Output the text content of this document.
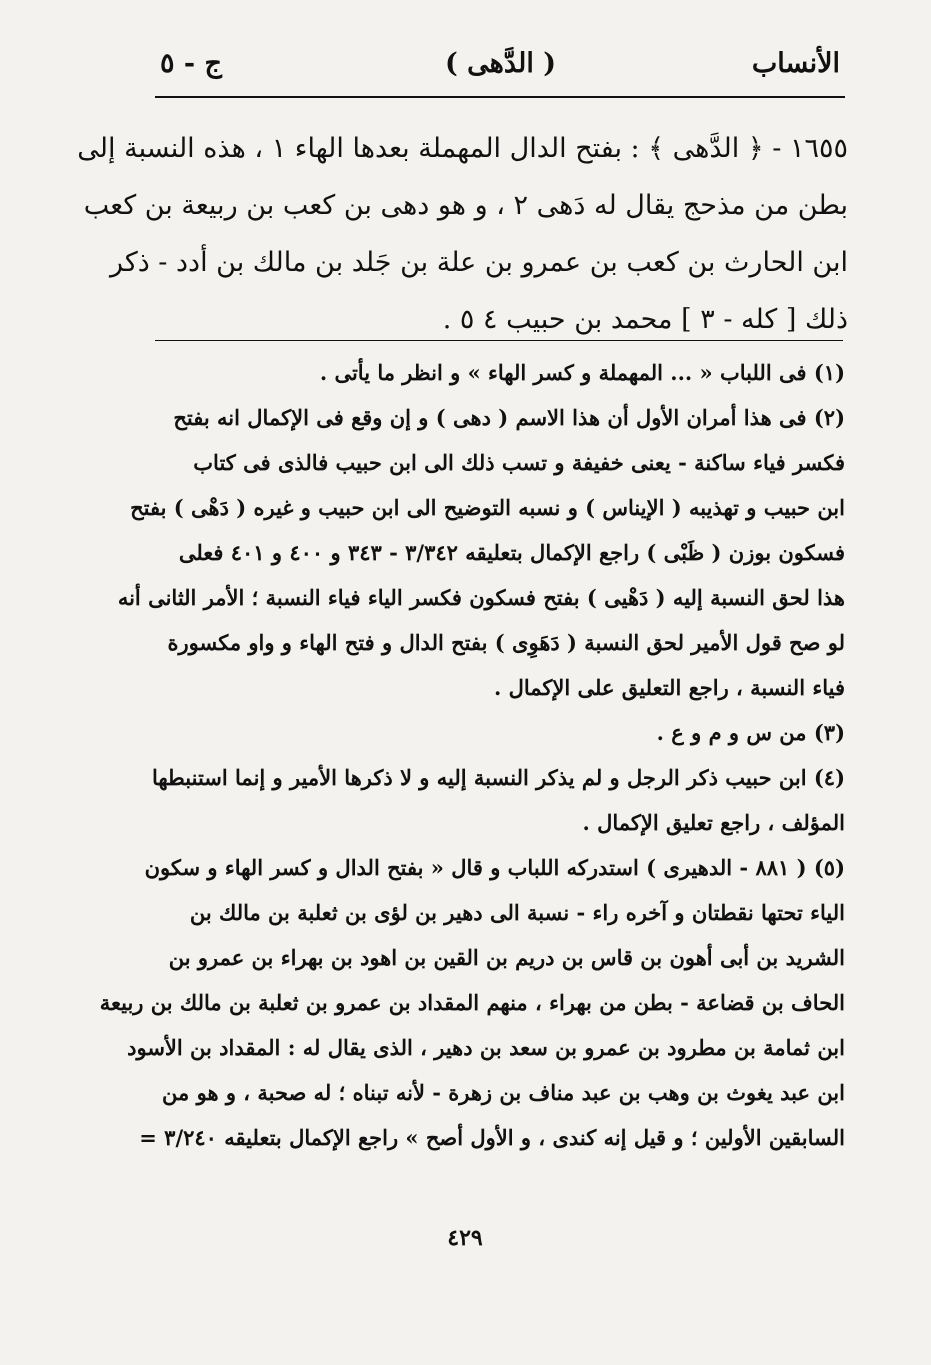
الأنساب
( الدَّهى )
ج - ٥
١٦٥٥ - ﴿ الدَّهى ﴾ : بفتح الدال المهملة بعدها الهاء ١ ، هذه النسبة إلى
بطن من مذحج يقال له دَهى ٢ ، و هو دهى بن كعب بن ربيعة بن كعب
ابن الحارث بن كعب بن عمرو بن علة بن جَلد بن مالك بن أدد - ذكر
ذلك [ كله - ٣ ] محمد بن حبيب ٤ ٥ .
(١) فى اللباب « ... المهملة و كسر الهاء » و انظر ما يأتى .
(٢) فى هذا أمران الأول أن هذا الاسم ( دهى ) و إن وقع فى الإكمال انه بفتح
فكسر فياء ساكنة - يعنى خفيفة و تسب ذلك الى ابن حبيب فالذى فى كتاب
ابن حبيب و تهذيبه ( الإيناس ) و نسبه التوضيح الى ابن حبيب و غيره ( دَهْى ) بفتح
فسكون بوزن ( ظَبْى ) راجع الإكمال بتعليقه ٣/٣٤٢ - ٣٤٣ و ٤٠٠ و ٤٠١ فعلى
هذا لحق النسبة إليه ( دَهْيى ) بفتح فسكون فكسر الياء فياء النسبة ؛ الأمر الثانى أنه
لو صح قول الأمير لحق النسبة ( دَهَوِى ) بفتح الدال و فتح الهاء و واو مكسورة
فياء النسبة ، راجع التعليق على الإكمال .
(٣) من س و م و ع .
(٤) ابن حبيب ذكر الرجل و لم يذكر النسبة إليه و لا ذكرها الأمير و إنما استنبطها
المؤلف ، راجع تعليق الإكمال .
(٥) ( ٨٨١ - الدهيرى ) استدركه اللباب و قال « بفتح الدال و كسر الهاء و سكون
الياء تحتها نقطتان و آخره راء - نسبة الى دهير بن لؤى بن ثعلبة بن مالك بن
الشريد بن أبى أهون بن قاس بن دريم بن القين بن اهود بن بهراء بن عمرو بن
الحاف بن قضاعة - بطن من بهراء ، منهم المقداد بن عمرو بن ثعلبة بن مالك بن ربيعة
ابن ثمامة بن مطرود بن عمرو بن سعد بن دهير ، الذى يقال له : المقداد بن الأسود
ابن عبد يغوث بن وهب بن عبد مناف بن زهرة - لأنه تبناه ؛ له صحبة ، و هو من
السابقين الأولين ؛ و قيل إنه كندى ، و الأول أصح » راجع الإكمال بتعليقه ٣/٢٤٠ =
٤٢٩
